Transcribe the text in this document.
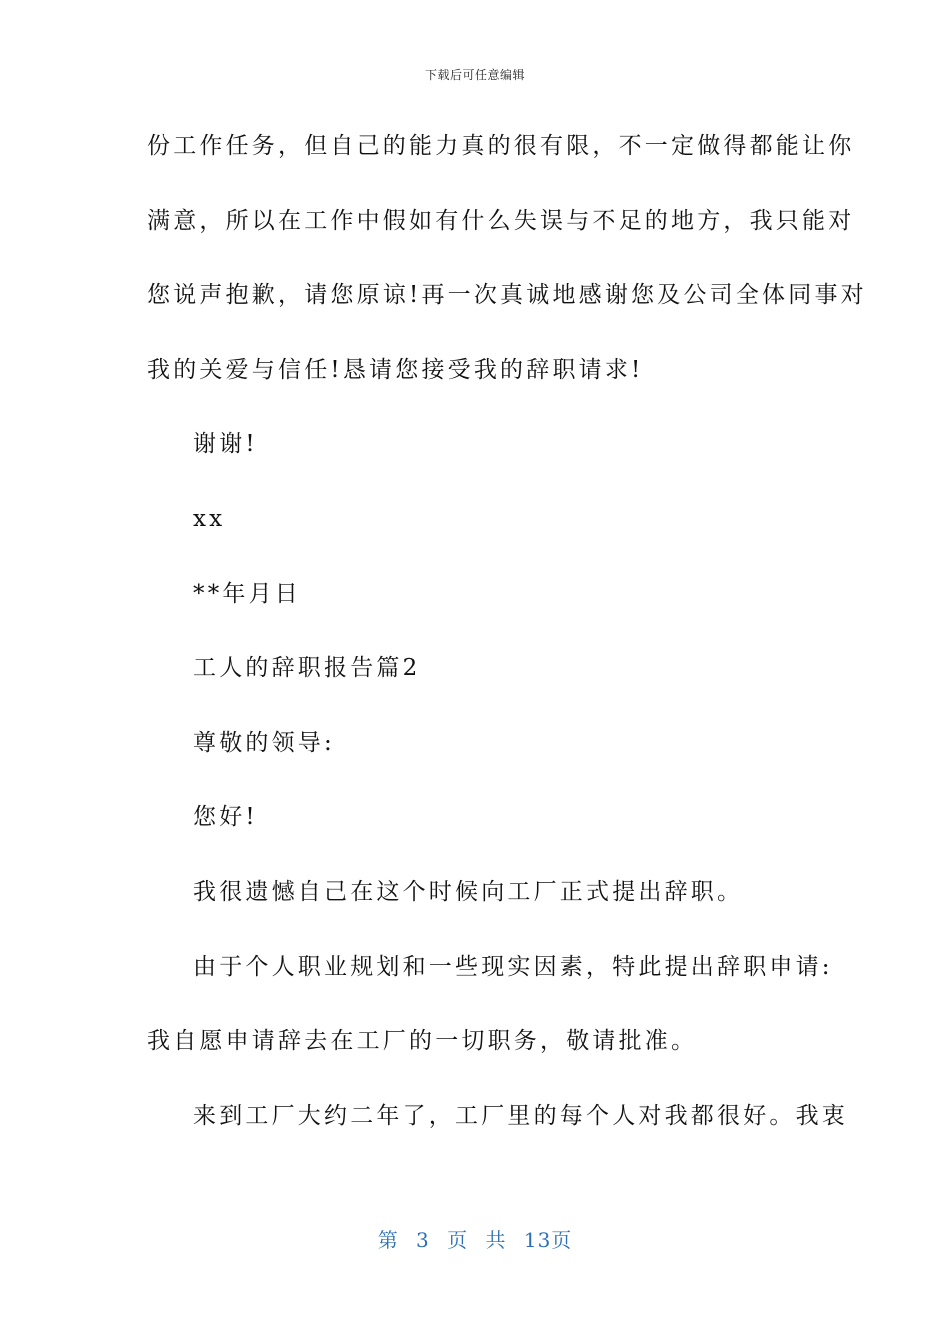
下载后可任意编辑
份工作任务，但自己的能力真的很有限，不一定做得都能让你
满意，所以在工作中假如有什么失误与不足的地方，我只能对
您说声抱歉，请您原谅!再一次真诚地感谢您及公司全体同事对
我的关爱与信任!恳请您接受我的辞职请求!
谢谢!
xx
**年月日
工人的辞职报告篇2
尊敬的领导:
您好!
我很遗憾自己在这个时候向工厂正式提出辞职。
由于个人职业规划和一些现实因素，特此提出辞职申请:
我自愿申请辞去在工厂的一切职务，敬请批准。
来到工厂大约二年了，工厂里的每个人对我都很好。我衷
第 3 页 共 13页
